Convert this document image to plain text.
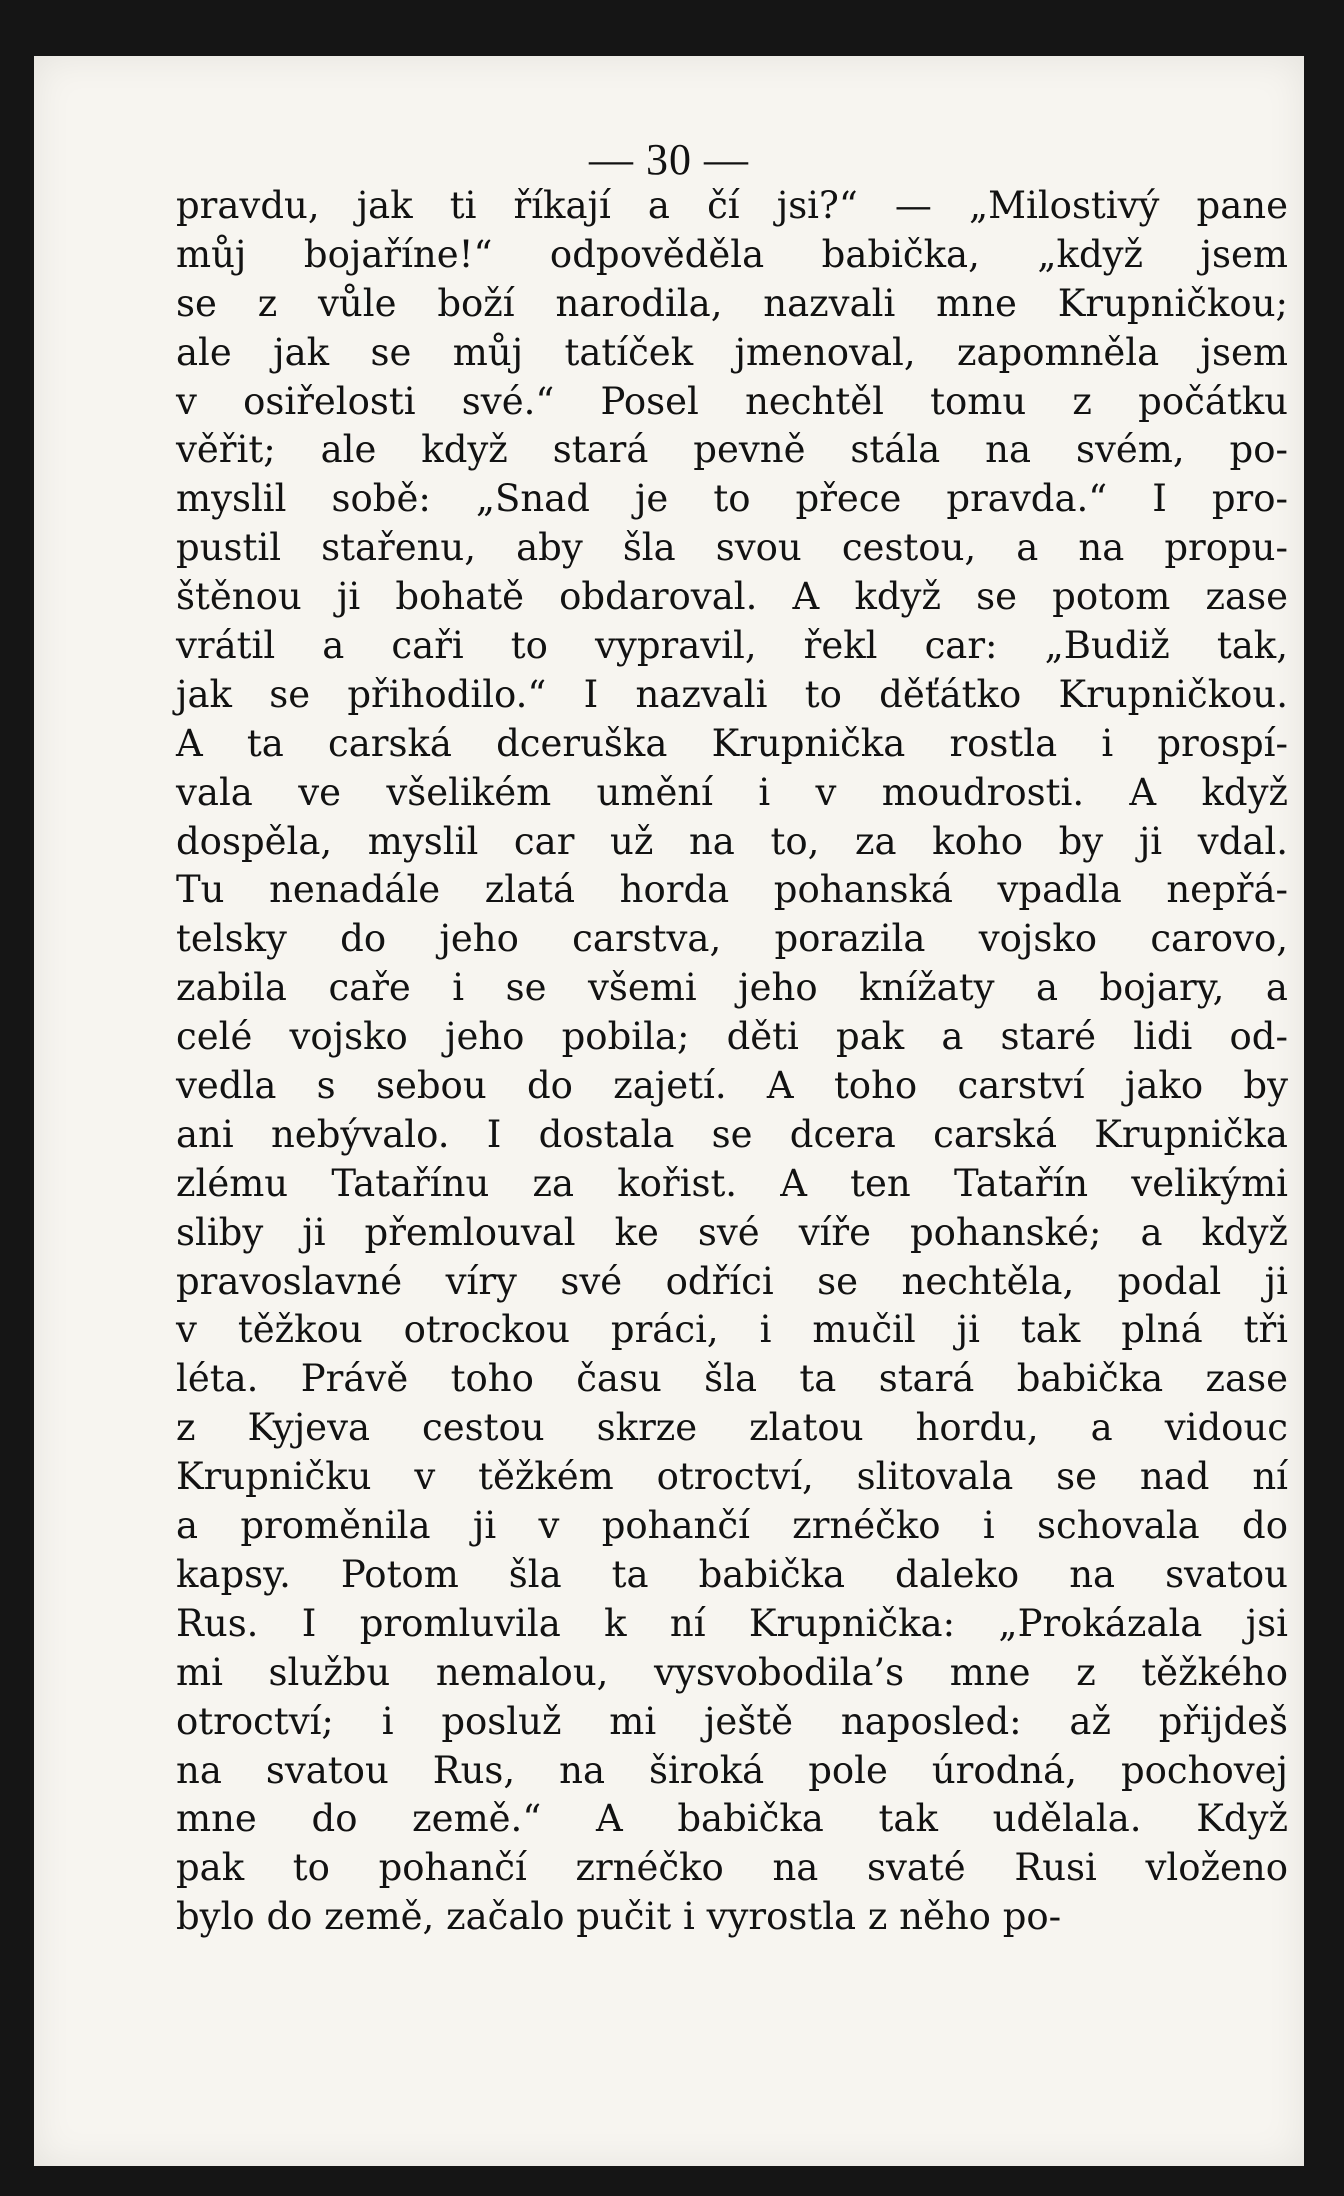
— 30 —
pravdu, jak ti říkají a čí jsi?“ — „Milostivý pane
můj bojaříne!“ odpověděla babička, „když jsem
se z vůle boží narodila, nazvali mne Krupničkou;
ale jak se můj tatíček jmenoval, zapomněla jsem
v osiřelosti své.“ Posel nechtěl tomu z počátku
věřit; ale když stará pevně stála na svém, po-
myslil sobě: „Snad je to přece pravda.“ I pro-
pustil stařenu, aby šla svou cestou, a na propu-
štěnou ji bohatě obdaroval. A když se potom zase
vrátil a caři to vypravil, řekl car: „Budiž tak,
jak se přihodilo.“ I nazvali to děťátko Krupničkou.
A ta carská dceruška Krupnička rostla i prospí-
vala ve všelikém umění i v moudrosti. A když
dospěla, myslil car už na to, za koho by ji vdal.
Tu nenadále zlatá horda pohanská vpadla nepřá-
telsky do jeho carstva, porazila vojsko carovo,
zabila caře i se všemi jeho knížaty a bojary, a
celé vojsko jeho pobila; děti pak a staré lidi od-
vedla s sebou do zajetí. A toho carství jako by
ani nebývalo. I dostala se dcera carská Krupnička
zlému Tatařínu za kořist. A ten Tatařín velikými
sliby ji přemlouval ke své víře pohanské; a když
pravoslavné víry své odříci se nechtěla, podal ji
v těžkou otrockou práci, i mučil ji tak plná tři
léta. Právě toho času šla ta stará babička zase
z Kyjeva cestou skrze zlatou hordu, a vidouc
Krupničku v těžkém otroctví, slitovala se nad ní
a proměnila ji v pohančí zrnéčko i schovala do
kapsy. Potom šla ta babička daleko na svatou
Rus. I promluvila k ní Krupnička: „Prokázala jsi
mi službu nemalou, vysvobodila’s mne z těžkého
otroctví; i posluž mi ještě naposled: až přijdeš
na svatou Rus, na široká pole úrodná, pochovej
mne do země.“ A babička tak udělala. Když
pak to pohančí zrnéčko na svaté Rusi vloženo
bylo do země, začalo pučit i vyrostla z něho po-
